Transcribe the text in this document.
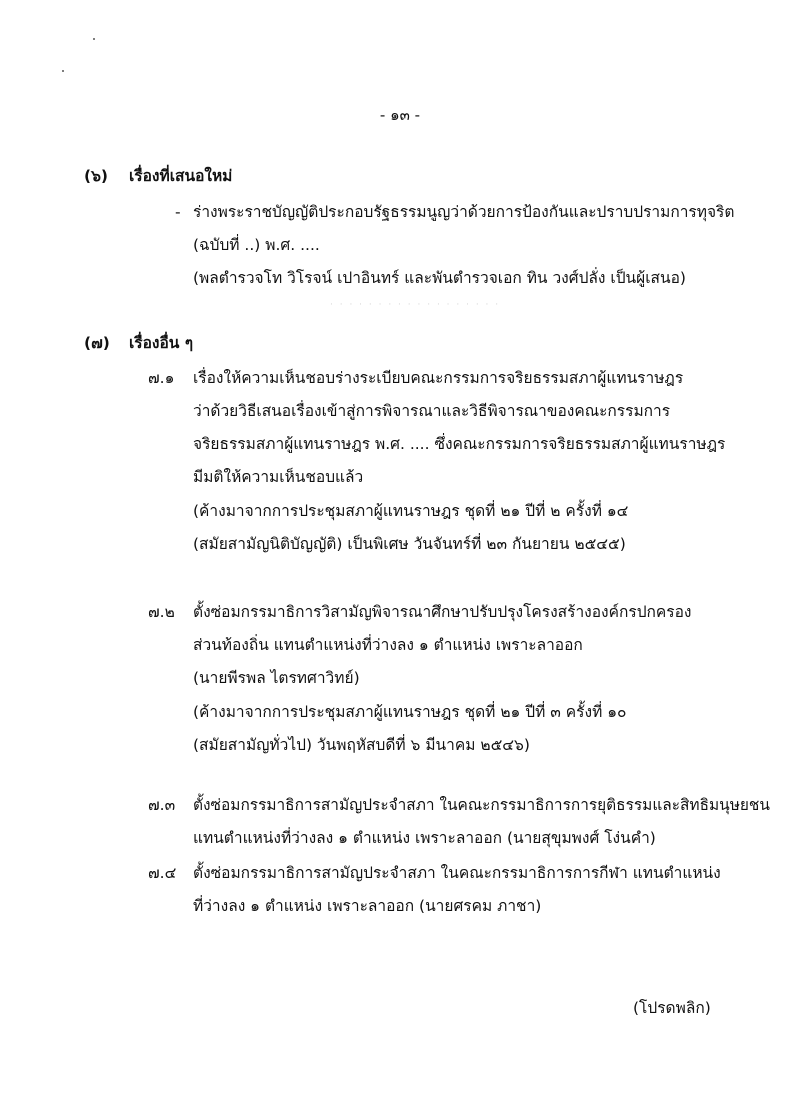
- ๑๓ -
(๖) เรื่องที่เสนอใหม่
- ร่างพระราชบัญญัติประกอบรัฐธรรมนูญว่าด้วยการป้องกันและปราบปรามการทุจริต
(ฉบับที่ ..) พ.ศ. ....
(พลตำรวจโท วิโรจน์ เปาอินทร์ และพันตำรวจเอก ทิน วงศ์ปลั่ง เป็นผู้เสนอ)
· · · · · · · · · · · · · · · · · ·
(๗) เรื่องอื่น ๆ
๗.๑ เรื่องให้ความเห็นชอบร่างระเบียบคณะกรรมการจริยธรรมสภาผู้แทนราษฎร
ว่าด้วยวิธีเสนอเรื่องเข้าสู่การพิจารณาและวิธีพิจารณาของคณะกรรมการ
จริยธรรมสภาผู้แทนราษฎร พ.ศ. .... ซึ่งคณะกรรมการจริยธรรมสภาผู้แทนราษฎร
มีมติให้ความเห็นชอบแล้ว
(ค้างมาจากการประชุมสภาผู้แทนราษฎร ชุดที่ ๒๑ ปีที่ ๒ ครั้งที่ ๑๔
(สมัยสามัญนิติบัญญัติ) เป็นพิเศษ วันจันทร์ที่ ๒๓ กันยายน ๒๕๔๕)
๗.๒ ตั้งซ่อมกรรมาธิการวิสามัญพิจารณาศึกษาปรับปรุงโครงสร้างองค์กรปกครอง
ส่วนท้องถิ่น แทนตำแหน่งที่ว่างลง ๑ ตำแหน่ง เพราะลาออก
(นายพีรพล ไตรทศาวิทย์)
(ค้างมาจากการประชุมสภาผู้แทนราษฎร ชุดที่ ๒๑ ปีที่ ๓ ครั้งที่ ๑๐
(สมัยสามัญทั่วไป) วันพฤหัสบดีที่ ๖ มีนาคม ๒๕๔๖)
๗.๓ ตั้งซ่อมกรรมาธิการสามัญประจำสภา ในคณะกรรมาธิการการยุติธรรมและสิทธิมนุษยชน
แทนตำแหน่งที่ว่างลง ๑ ตำแหน่ง เพราะลาออก (นายสุขุมพงศ์ โง่นคำ)
๗.๔ ตั้งซ่อมกรรมาธิการสามัญประจำสภา ในคณะกรรมาธิการการกีฬา แทนตำแหน่ง
ที่ว่างลง ๑ ตำแหน่ง เพราะลาออก (นายศรคม ภาชา)
(โปรดพลิก)
